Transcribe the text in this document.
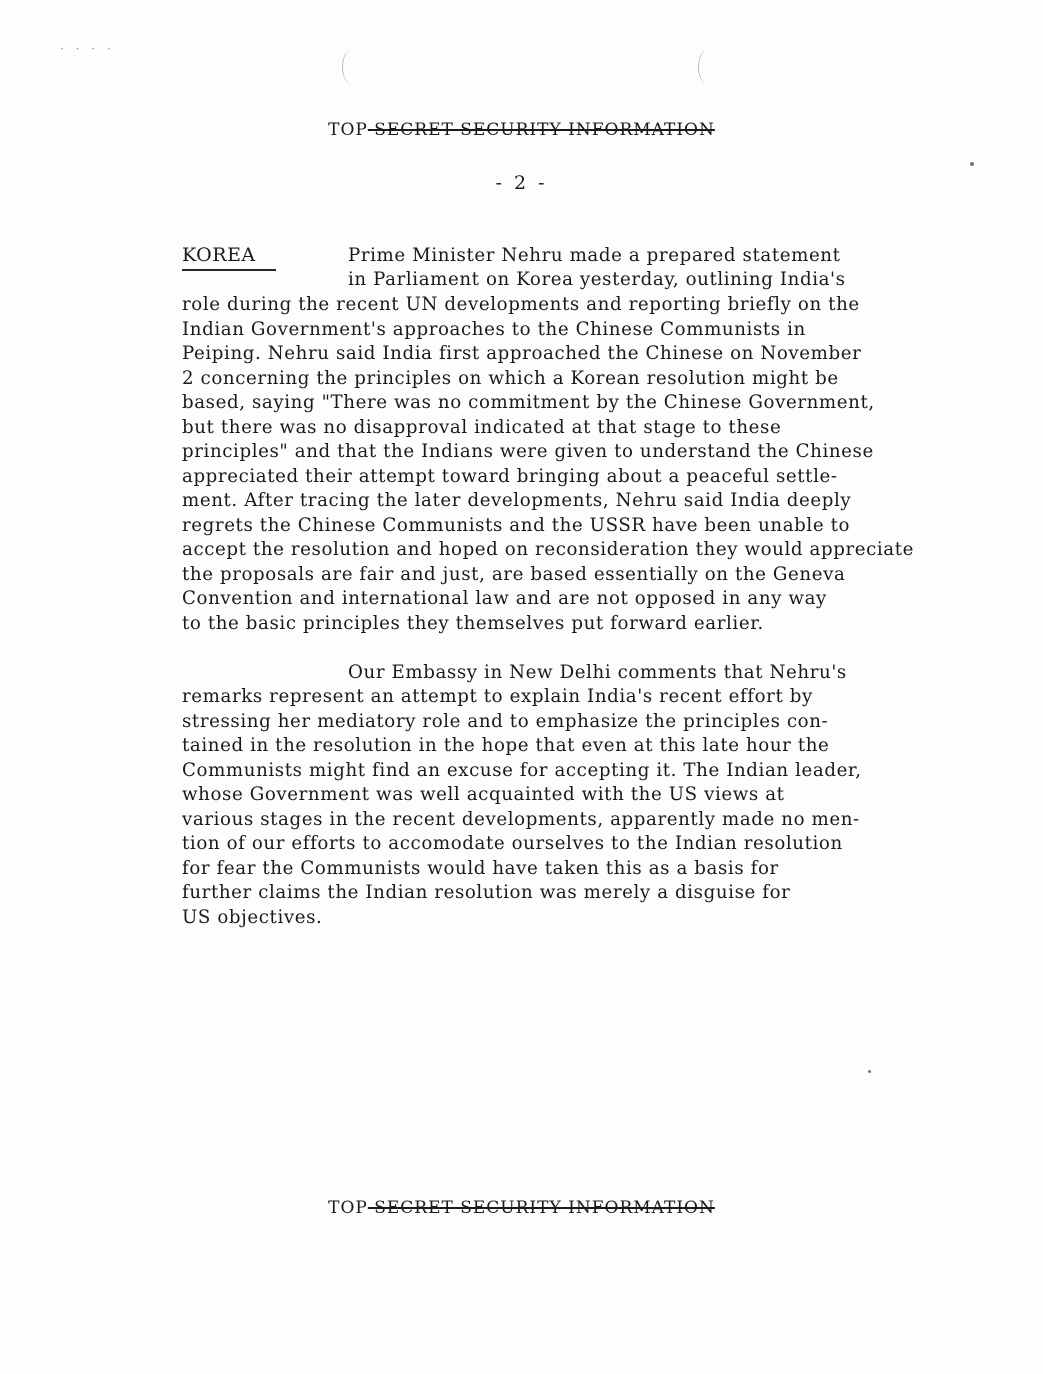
· · · ·
TOP SECRET SECURITY INFORMATION
- 2 -
KOREA	Prime Minister Nehru made a prepared statement
in Parliament on Korea yesterday, outlining India's
role during the recent UN developments and reporting briefly on the
Indian Government's approaches to the Chinese Communists in
Peiping. Nehru said India first approached the Chinese on November
2 concerning the principles on which a Korean resolution might be
based, saying "There was no commitment by the Chinese Government,
but there was no disapproval indicated at that stage to these
principles" and that the Indians were given to understand the Chinese
appreciated their attempt toward bringing about a peaceful settle-
ment. After tracing the later developments, Nehru said India deeply
regrets the Chinese Communists and the USSR have been unable to
accept the resolution and hoped on reconsideration they would appreciate
the proposals are fair and just, are based essentially on the Geneva
Convention and international law and are not opposed in any way
to the basic principles they themselves put forward earlier.
Our Embassy in New Delhi comments that Nehru's
remarks represent an attempt to explain India's recent effort by
stressing her mediatory role and to emphasize the principles con-
tained in the resolution in the hope that even at this late hour the
Communists might find an excuse for accepting it. The Indian leader,
whose Government was well acquainted with the US views at
various stages in the recent developments, apparently made no men-
tion of our efforts to accomodate ourselves to the Indian resolution
for fear the Communists would have taken this as a basis for
further claims the Indian resolution was merely a disguise for
US objectives.
TOP SECRET SECURITY INFORMATION
